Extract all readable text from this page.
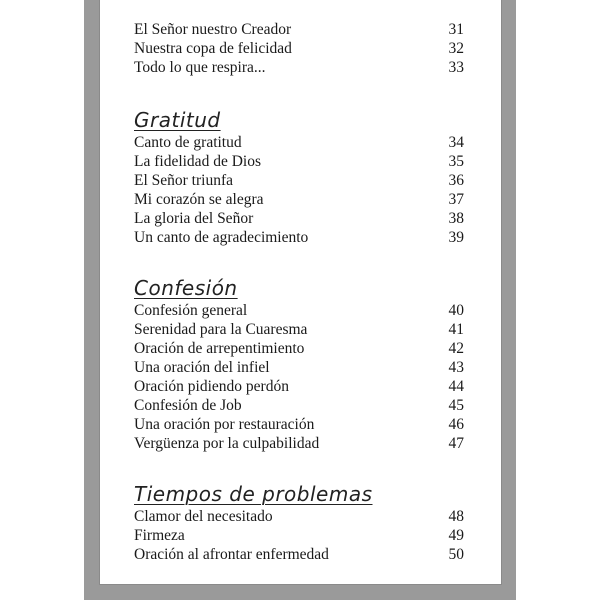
El Señor nuestro Creador	31
Nuestra copa de felicidad	32
Todo lo que respira...	33
Gratitud
Canto de gratitud	34
La fidelidad de Dios	35
El Señor triunfa	36
Mi corazón se alegra	37
La gloria del Señor	38
Un canto de agradecimiento	39
Confesión
Confesión general	40
Serenidad para la Cuaresma	41
Oración de arrepentimiento	42
Una oración del infiel	43
Oración pidiendo perdón	44
Confesión de Job	45
Una oración por restauración	46
Vergüenza por la culpabilidad	47
Tiempos de problemas
Clamor del necesitado	48
Firmeza	49
Oración al afrontar enfermedad	50
